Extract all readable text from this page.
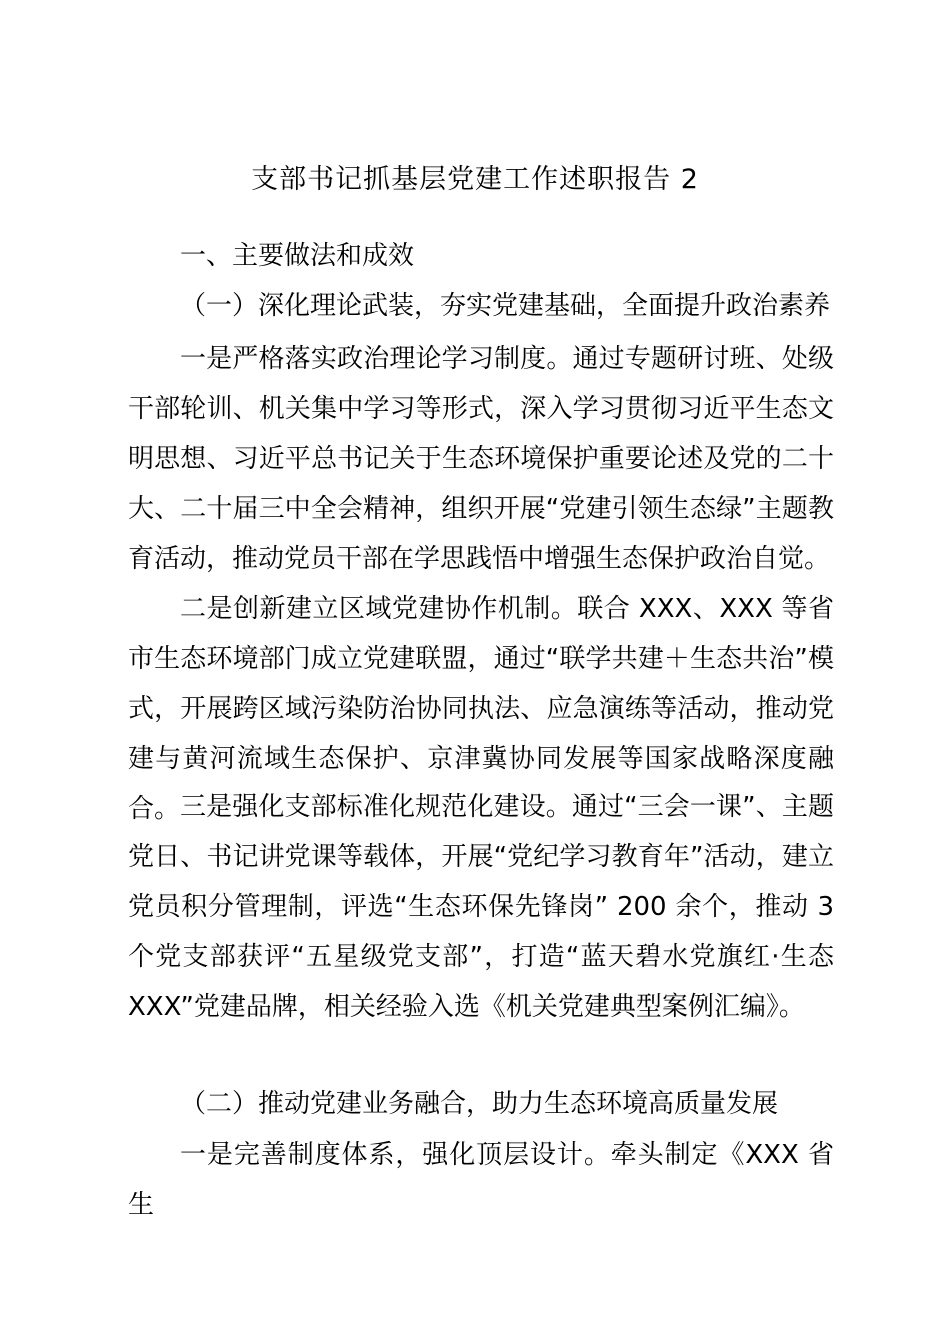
支部书记抓基层党建工作述职报告 2
一、主要做法和成效
（一）深化理论武装，夯实党建基础，全面提升政治素养

一是严格落实政治理论学习制度。通过专题研讨班、处级干部轮训、机关集中学习等形式，深入学习贯彻习近平生态文明思想、习近平总书记关于生态环境保护重要论述及党的二十大、二十届三中全会精神，组织开展“党建引领生态绿”主题教育活动，推动党员干部在学思践悟中增强生态保护政治自觉。

二是创新建立区域党建协作机制。联合 XXX、XXX 等省市生态环境部门成立党建联盟，通过“联学共建＋生态共治”模式，开展跨区域污染防治协同执法、应急演练等活动，推动党建与黄河流域生态保护、京津冀协同发展等国家战略深度融合。 三是强化支部标准化规范化建设。通过“三会一课”、主题党日、书记讲党课等载体，开展“党纪学习教育年”活动，建立党员积分管理制，评选“生态环保先锋岗” 200 余个，推动 3 个党支部获评“五星级党支部”，打造“蓝天碧水党旗红·生态 XXX”党建品牌，相关经验入选《机关党建典型案例汇编》。

（二）推动党建业务融合，助力生态环境高质量发展

一是完善制度体系，强化顶层设计。牵头制定《XXX 省生
